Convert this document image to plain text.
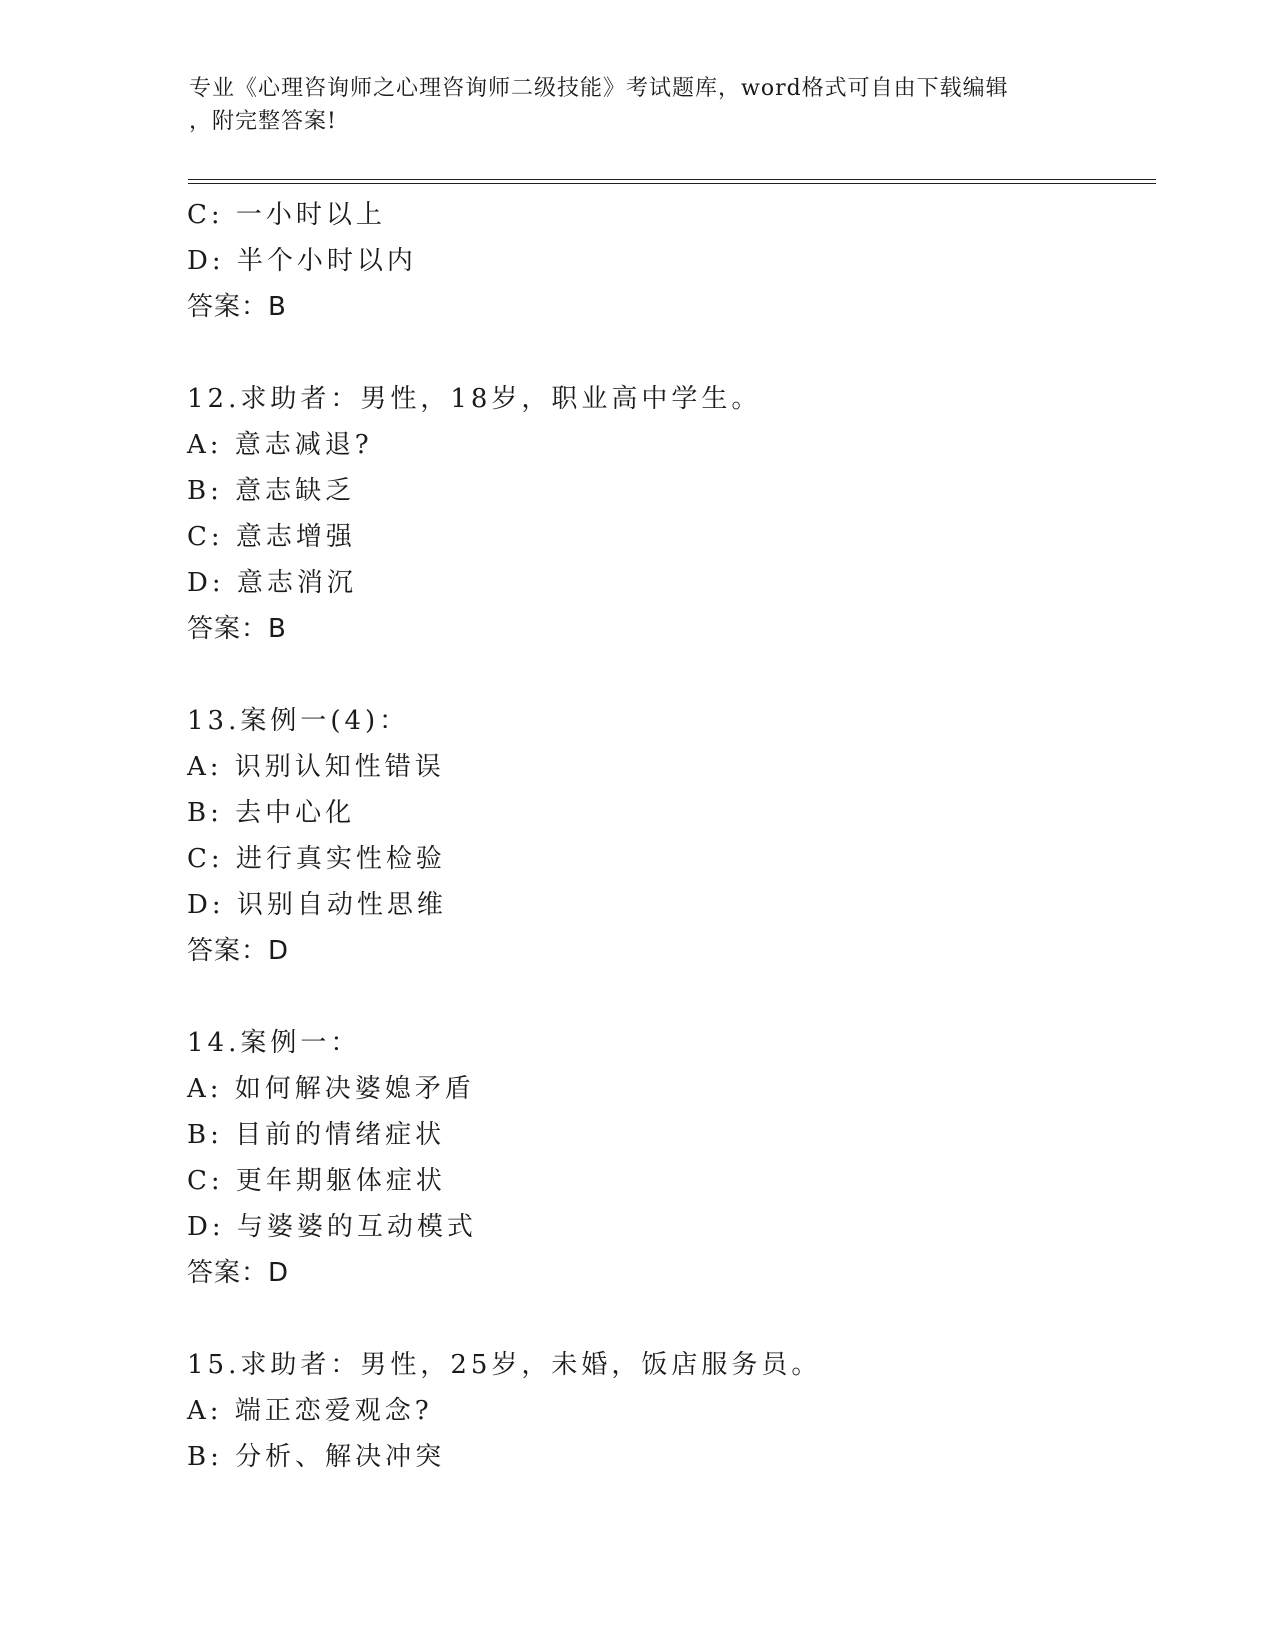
专业《心理咨询师之心理咨询师二级技能》考试题库，word格式可自由下载编辑
，附完整答案!
C: 一小时以上
D: 半个小时以内
答案：B
12.求助者：男性，18岁，职业高中学生。
A: 意志减退?
B: 意志缺乏
C: 意志增强
D: 意志消沉
答案：B
13.案例一(4)：
A: 识别认知性错误
B: 去中心化
C: 进行真实性检验
D: 识别自动性思维
答案：D
14.案例一：
A: 如何解决婆媳矛盾
B: 目前的情绪症状
C: 更年期躯体症状
D: 与婆婆的互动模式
答案：D
15.求助者：男性，25岁，未婚，饭店服务员。
A: 端正恋爱观念?
B: 分析、解决冲突
